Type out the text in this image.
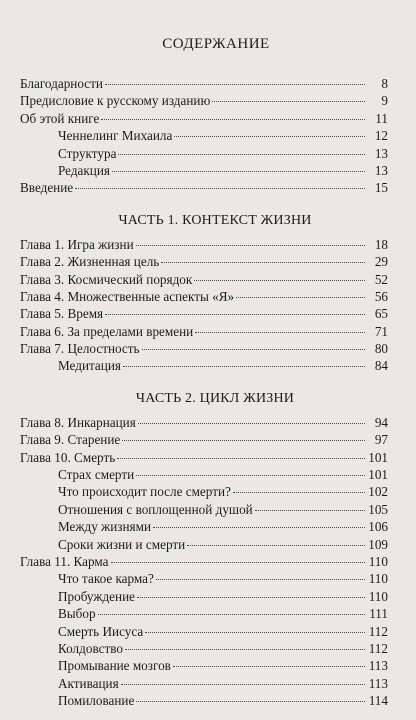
СОДЕРЖАНИЕ
Благодарности	8
Предисловие к русскому изданию	9
Об этой книге	11
Ченнелинг Михаила	12
Структура	13
Редакция	13
Введение	15
ЧАСТЬ 1. КОНТЕКСТ ЖИЗНИ
Глава 1. Игра жизни	18
Глава 2. Жизненная цель	29
Глава 3. Космический порядок	52
Глава 4. Множественные аспекты «Я»	56
Глава 5. Время	65
Глава 6. За пределами времени	71
Глава 7. Целостность	80
Медитация	84
ЧАСТЬ 2. ЦИКЛ ЖИЗНИ
Глава 8. Инкарнация	94
Глава 9. Старение	97
Глава 10. Смерть	101
Страх смерти	101
Что происходит после смерти?	102
Отношения с воплощенной душой	105
Между жизнями	106
Сроки жизни и смерти	109
Глава 11. Карма	110
Что такое карма?	110
Пробуждение	110
Выбор	111
Смерть Иисуса	112
Колдовство	112
Промывание мозгов	113
Активация	113
Помилование	114
